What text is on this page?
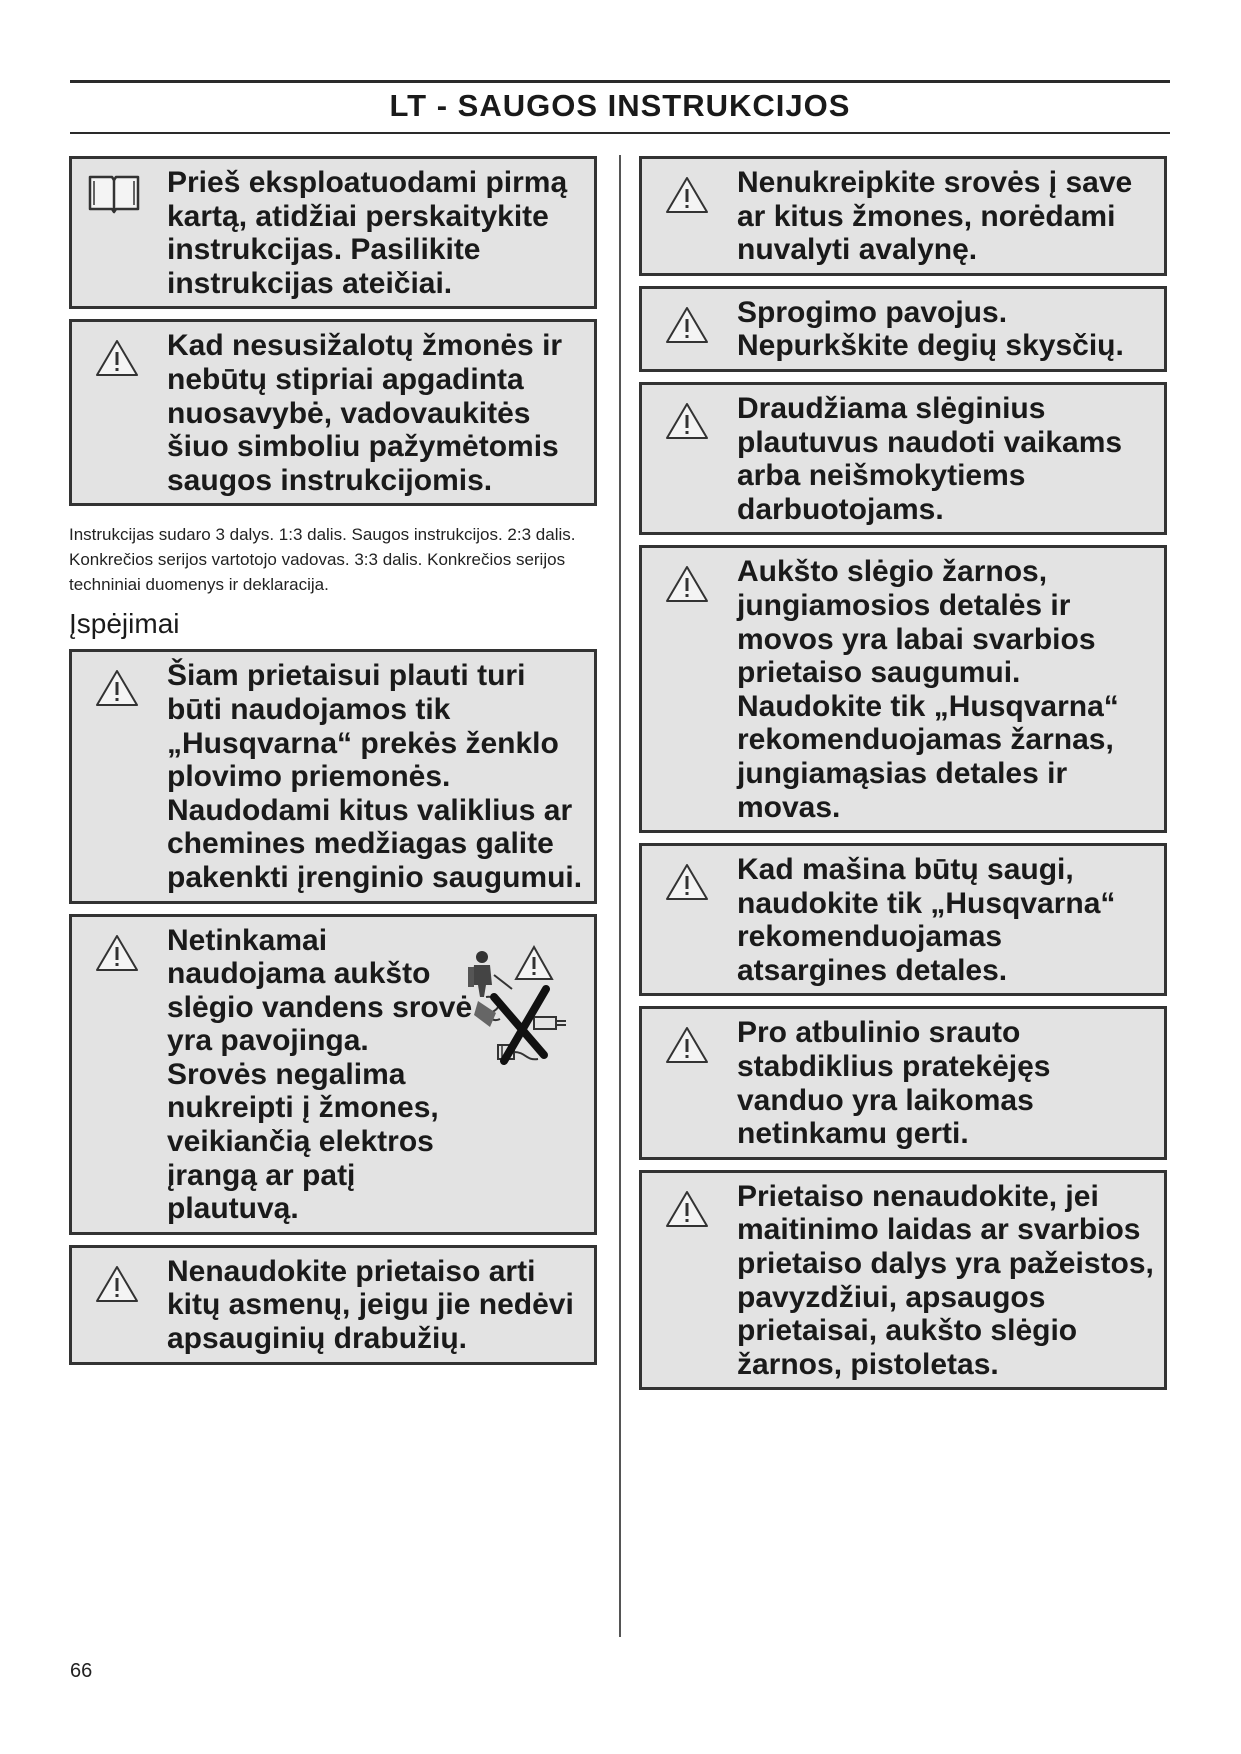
LT - SAUGOS INSTRUKCIJOS
Prieš eksploatuodami pirmą kartą, atidžiai perskaitykite instrukcijas. Pasilikite instrukcijas ateičiai.
Kad nesusižalotų žmonės ir nebūtų stipriai apgadinta nuosavybė, vadovaukitės šiuo simboliu pažymėtomis saugos instrukcijomis.
Instrukcijas sudaro 3 dalys. 1:3 dalis. Saugos instrukcijos. 2:3 dalis. Konkrečios serijos vartotojo vadovas. 3:3 dalis. Konkrečios serijos techniniai duomenys ir deklaracija.
Įspėjimai
Šiam prietaisui plauti turi būti naudojamos tik „Husqvarna“ prekės ženklo plovimo priemonės. Naudodami kitus valiklius ar chemines medžiagas galite pakenkti įrenginio saugumui.
Netinkamai naudojama aukšto slėgio vandens srovė yra pavojinga. Srovės negalima nukreipti į žmones, veikiančią elektros įrangą ar patį plautuvą.
Nenaudokite prietaiso arti kitų asmenų, jeigu jie nedėvi apsauginių drabužių.
Nenukreipkite srovės į save ar kitus žmones, norėdami nuvalyti avalynę.
Sprogimo pavojus. Nepurkškite degių skysčių.
Draudžiama slėginius plautuvus naudoti vaikams arba neišmokytiems darbuotojams.
Aukšto slėgio žarnos, jungiamosios detalės ir movos yra labai svarbios prietaiso saugumui. Naudokite tik „Husqvarna“ rekomenduojamas žarnas, jungiamąsias detales ir movas.
Kad mašina būtų saugi, naudokite tik „Husqvarna“ rekomenduojamas atsargines detales.
Pro atbulinio srauto stabdiklius pratekėjęs vanduo yra laikomas netinkamu gerti.
Prietaiso nenaudokite, jei maitinimo laidas ar svarbios prietaiso dalys yra pažeistos, pavyzdžiui, apsaugos prietaisai, aukšto slėgio žarnos, pistoletas.
66
